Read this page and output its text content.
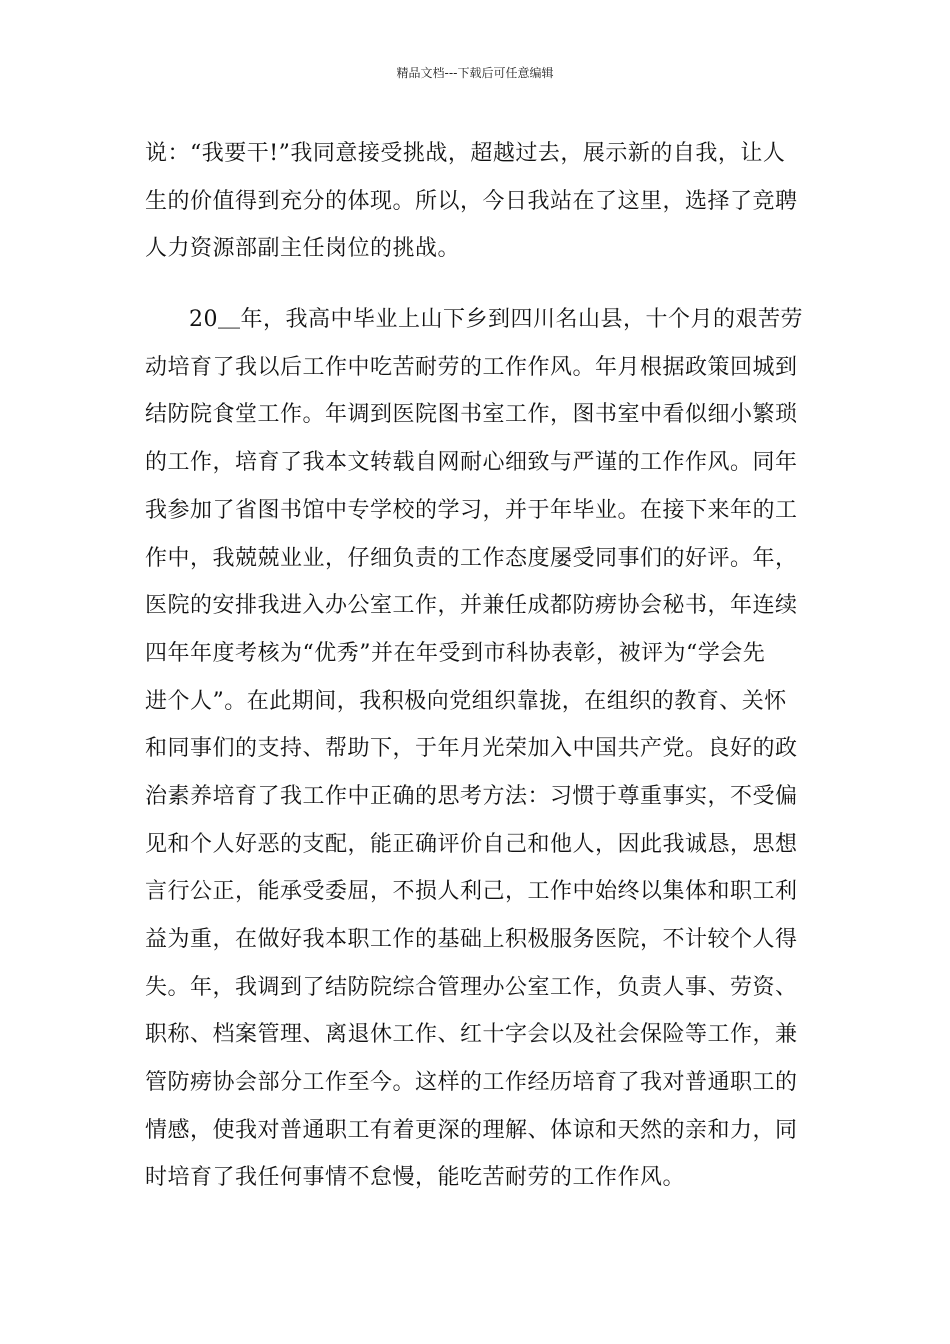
精品文档---下载后可任意编辑
说：“我要干!”我同意接受挑战，超越过去，展示新的自我，让人
生的价值得到充分的体现。所以，今日我站在了这里，选择了竞聘
人力资源部副主任岗位的挑战。
20＿年，我高中毕业上山下乡到四川名山县，十个月的艰苦劳
动培育了我以后工作中吃苦耐劳的工作作风。年月根据政策回城到
结防院食堂工作。年调到医院图书室工作，图书室中看似细小繁琐
的工作，培育了我本文转载自网耐心细致与严谨的工作作风。同年
我参加了省图书馆中专学校的学习，并于年毕业。在接下来年的工
作中，我兢兢业业，仔细负责的工作态度屡受同事们的好评。年，
医院的安排我进入办公室工作，并兼任成都防痨协会秘书，年连续
四年年度考核为“优秀”并在年受到市科协表彰，被评为“学会先
进个人”。在此期间，我积极向党组织靠拢，在组织的教育、关怀
和同事们的支持、帮助下，于年月光荣加入中国共产党。良好的政
治素养培育了我工作中正确的思考方法：习惯于尊重事实，不受偏
见和个人好恶的支配，能正确评价自己和他人，因此我诚恳，思想
言行公正，能承受委屈，不损人利己，工作中始终以集体和职工利
益为重，在做好我本职工作的基础上积极服务医院，不计较个人得
失。年，我调到了结防院综合管理办公室工作，负责人事、劳资、
职称、档案管理、离退休工作、红十字会以及社会保险等工作，兼
管防痨协会部分工作至今。这样的工作经历培育了我对普通职工的
情感，使我对普通职工有着更深的理解、体谅和天然的亲和力，同
时培育了我任何事情不怠慢，能吃苦耐劳的工作作风。
